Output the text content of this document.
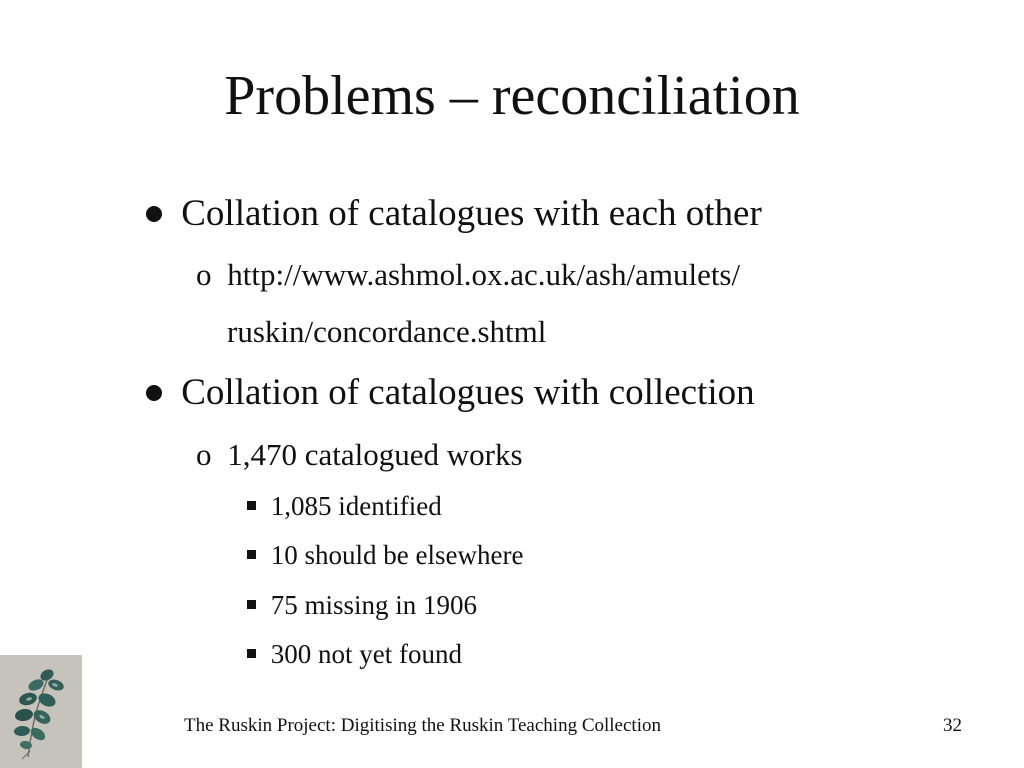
Problems – reconciliation
Collation of catalogues with each other
o http://www.ashmol.ox.ac.uk/ash/amulets/
ruskin/concordance.shtml
Collation of catalogues with collection
o 1,470 catalogued works
1,085 identified
10 should be elsewhere
75 missing in 1906
300 not yet found
The Ruskin Project: Digitising the Ruskin Teaching Collection	32
